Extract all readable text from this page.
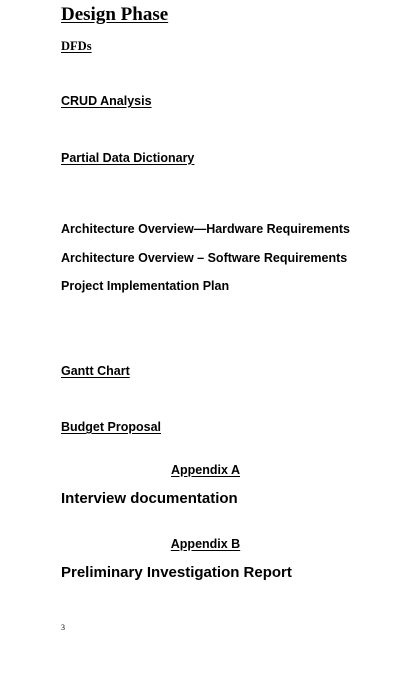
Design Phase
DFDs
CRUD Analysis
Partial Data Dictionary
Architecture Overview—Hardware Requirements
Architecture Overview – Software Requirements
Project Implementation Plan
Gantt Chart
Budget Proposal
Appendix A
Interview documentation
Appendix B
Preliminary Investigation Report
3
